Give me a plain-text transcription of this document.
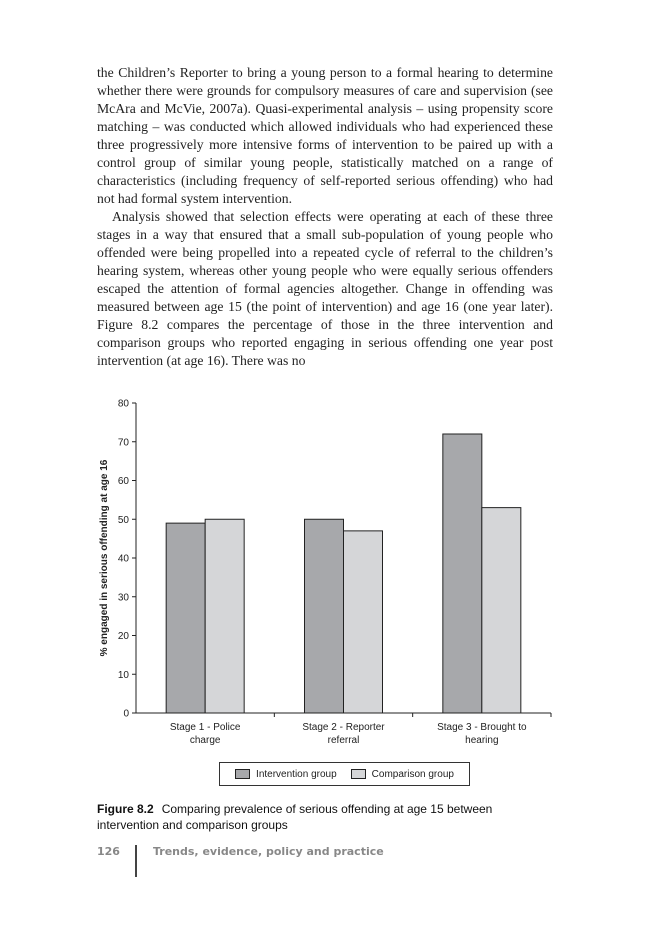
the Children’s Reporter to bring a young person to a formal hearing to determine whether there were grounds for compulsory measures of care and supervision (see McAra and McVie, 2007a). Quasi-experimental analysis – using propensity score matching – was conducted which allowed individuals who had experienced these three progressively more intensive forms of intervention to be paired up with a control group of similar young people, statistically matched on a range of characteristics (including frequency of self-reported serious offending) who had not had formal system intervention.

Analysis showed that selection effects were operating at each of these three stages in a way that ensured that a small sub-population of young people who offended were being propelled into a repeated cycle of referral to the children’s hearing system, whereas other young people who were equally serious offenders escaped the attention of formal agencies altogether. Change in offending was measured between age 15 (the point of intervention) and age 16 (one year later). Figure 8.2 compares the percentage of those in the three intervention and comparison groups who reported engaging in serious offending one year post intervention (at age 16). There was no

0
10
20
30
40
50
60
70
80
% engaged in serious offending at age 16
Stage 1 - Police
charge
Stage 2 - Reporter
referral
Stage 3 - Brought to
hearing
Intervention group	Comparison group
Figure 8.2 Comparing prevalence of serious offending at age 15 between intervention and comparison groups
126	Trends, evidence, policy and practice
